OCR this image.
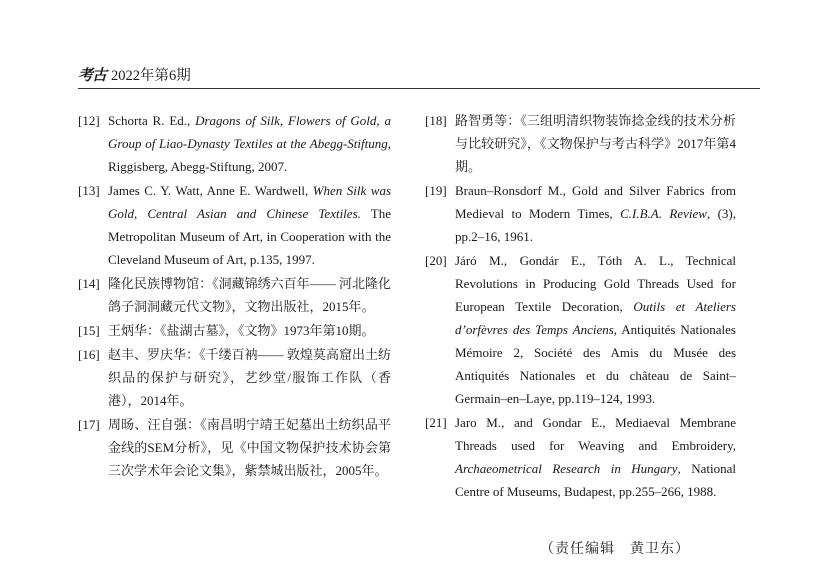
考古 2022年第6期
[12] Schorta R. Ed., Dragons of Silk, Flowers of Gold, a Group of Liao-Dynasty Textiles at the Abegg-Stiftung, Riggisberg, Abegg-Stiftung, 2007.
[13] James C. Y. Watt, Anne E. Wardwell, When Silk was Gold, Central Asian and Chinese Textiles. The Metropolitan Museum of Art, in Cooperation with the Cleveland Museum of Art, p.135, 1997.
[14] 隆化民族博物馆：《洞藏锦绣六百年—— 河北隆化鸽子洞洞藏元代文物》，文物出版社，2015年。
[15] 王炳华：《盐湖古墓》，《文物》1973年第10期。
[16] 赵丰、罗庆华：《千缕百衲—— 敦煌莫高窟出土纺织品的保护与研究》，艺纱堂/服饰工作队（香港），2014年。
[17] 周旸、汪自强：《南昌明宁靖王妃墓出土纺织品平金线的SEM分析》，见《中国文物保护技术协会第三次学术年会论文集》，紫禁城出版社，2005年。
[18] 路智勇等：《三组明清织物装饰捻金线的技术分析与比较研究》，《文物保护与考古科学》2017年第4期。
[19] Braun–Ronsdorf M., Gold and Silver Fabrics from Medieval to Modern Times, C.I.B.A. Review, (3), pp.2–16, 1961.
[20] Járó M., Gondár E., Tóth A. L., Technical Revolutions in Producing Gold Threads Used for European Textile Decoration, Outils et Ateliers d’orfèvres des Temps Anciens, Antiquités Nationales Mémoire 2, Société des Amis du Musée des Antiquités Nationales et du château de Saint–Germain–en–Laye, pp.119–124, 1993.
[21] Jaro M., and Gondar E., Mediaeval Membrane Threads used for Weaving and Embroidery, Archaeometrical Research in Hungary, National Centre of Museums, Budapest, pp.255–266, 1988.
（责任编辑　黄卫东）
